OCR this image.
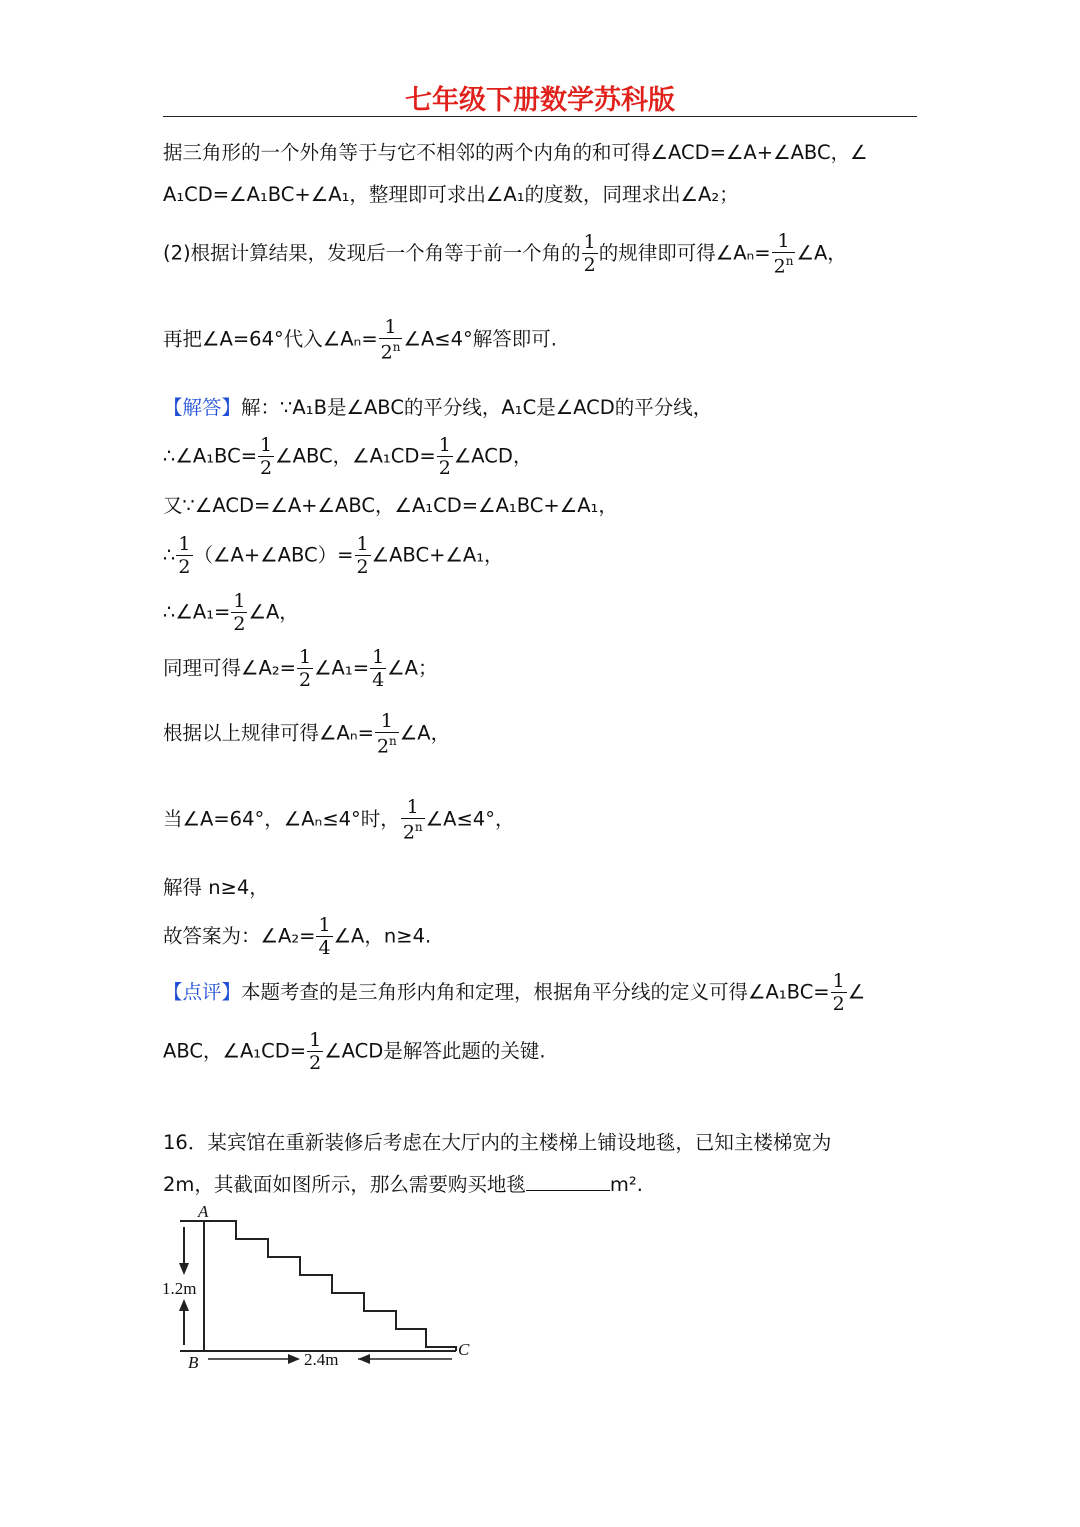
七年级下册数学苏科版
据三角形的一个外角等于与它不相邻的两个内角的和可得∠ACD=∠A+∠ABC，∠
A₁CD=∠A₁BC+∠A₁，整理即可求出∠A₁的度数，同理求出∠A₂；
(2)根据计算结果，发现后一个角等于前一个角的 $\frac{1}{2}$ 的规律即可得∠Aₙ= $\frac{1}{2^n}$ ∠A，
再把∠A=64°代入∠Aₙ= $\frac{1}{2^n}$ ∠A≤4°解答即可.
【解答】解：∵A₁B是∠ABC的平分线，A₁C是∠ACD的平分线，
∴∠A₁BC= $\frac{1}{2}$ ∠ABC，∠A₁CD= $\frac{1}{2}$ ∠ACD，
又∵∠ACD=∠A+∠ABC，∠A₁CD=∠A₁BC+∠A₁，
∴ $\frac{1}{2}$ （∠A+∠ABC）= $\frac{1}{2}$ ∠ABC+∠A₁，
∴∠A₁= $\frac{1}{2}$ ∠A，
同理可得∠A₂= $\frac{1}{2}$ ∠A₁= $\frac{1}{4}$ ∠A；
根据以上规律可得∠Aₙ= $\frac{1}{2^n}$ ∠A，
当∠A=64°，∠Aₙ≤4°时， $\frac{1}{2^n}$ ∠A≤4°，
解得 n≥4，
故答案为：∠A₂= $\frac{1}{4}$ ∠A，n≥4.
【点评】本题考查的是三角形内角和定理，根据角平分线的定义可得∠A₁BC= $\frac{1}{2}$ ∠
ABC，∠A₁CD= $\frac{1}{2}$ ∠ACD是解答此题的关键.
16．某宾馆在重新装修后考虑在大厅内的主楼梯上铺设地毯，已知主楼梯宽为
2m，其截面如图所示，那么需要购买地毯	m².
A
B
C
1.2m
2.4m
